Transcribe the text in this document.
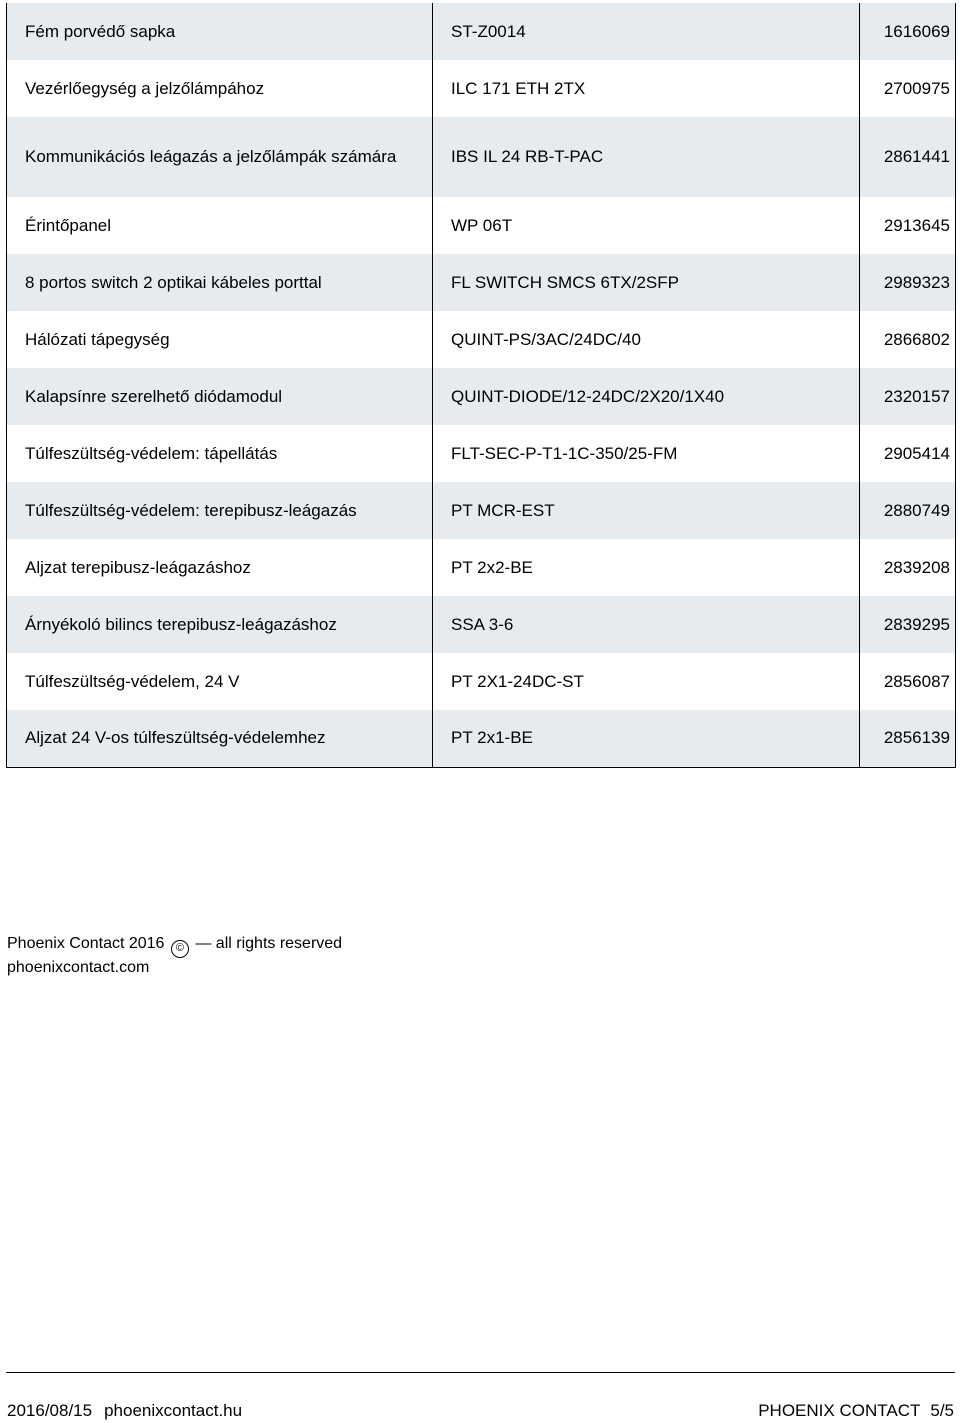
Fém porvédő sapka	ST-Z0014	1616069
Vezérlőegység a jelzőlámpához	ILC 171 ETH 2TX	2700975
Kommunikációs leágazás a jelzőlámpák számára	IBS IL 24 RB-T-PAC	2861441
Érintőpanel	WP 06T	2913645
8 portos switch 2 optikai kábeles porttal	FL SWITCH SMCS 6TX/2SFP	2989323
Hálózati tápegység	QUINT-PS/3AC/24DC/40	2866802
Kalapsínre szerelhető diódamodul	QUINT-DIODE/12-24DC/2X20/1X40	2320157
Túlfeszültség-védelem: tápellátás	FLT-SEC-P-T1-1C-350/25-FM	2905414
Túlfeszültség-védelem: terepibusz-leágazás	PT MCR-EST	2880749
Aljzat terepibusz-leágazáshoz	PT 2x2-BE	2839208
Árnyékoló bilincs terepibusz-leágazáshoz	SSA 3-6	2839295
Túlfeszültség-védelem, 24 V	PT 2X1-24DC-ST	2856087
Aljzat 24 V-os túlfeszültség-védelemhez	PT 2x1-BE	2856139
Phoenix Contact 2016 © — all rights reserved
phoenixcontact.com
2016/08/15 phoenixcontact.hu	PHOENIX CONTACT 5/5
